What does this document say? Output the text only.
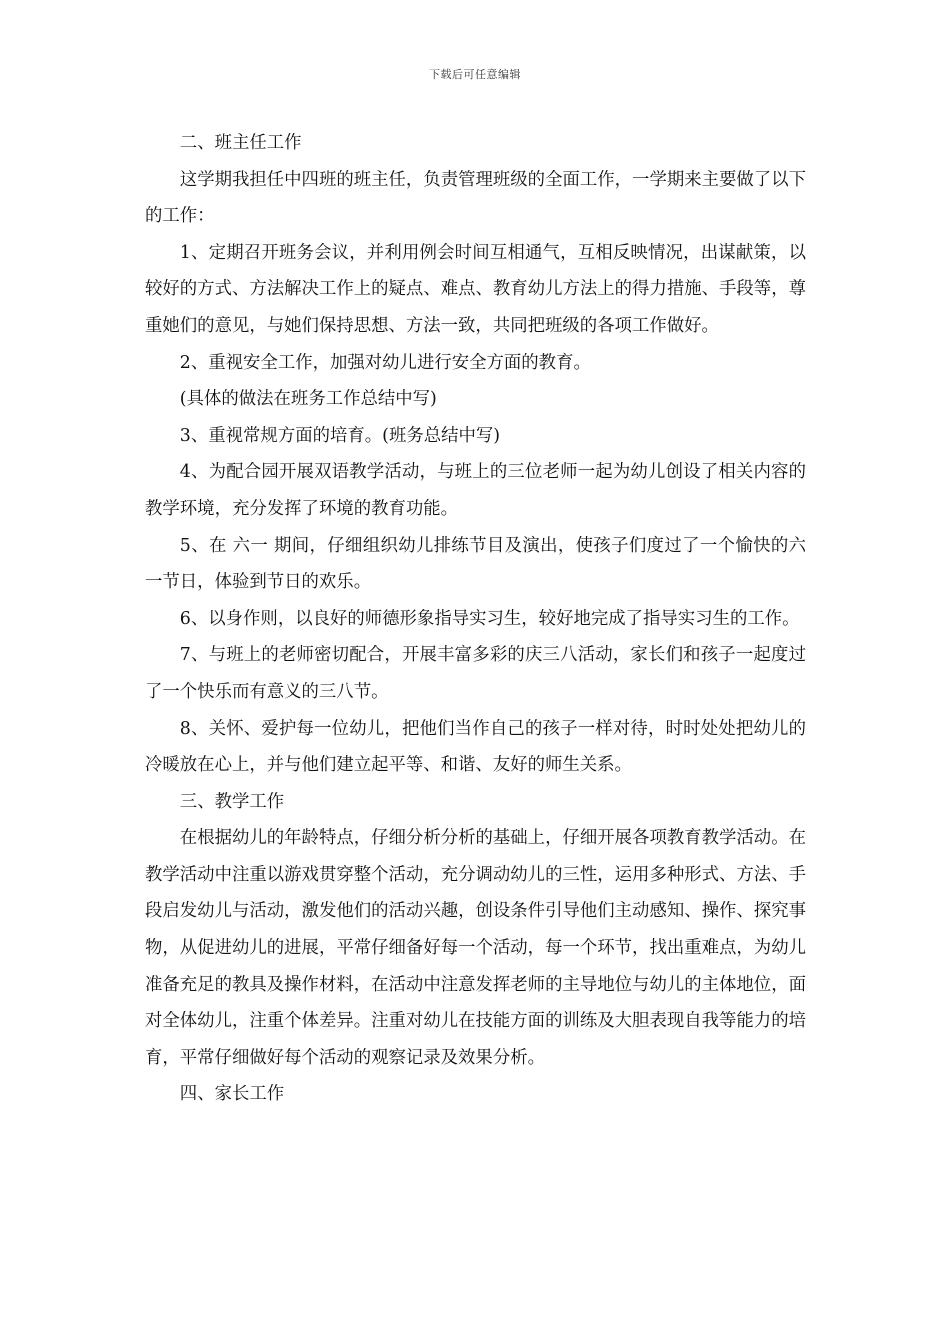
下载后可任意编辑

二、班主任工作

这学期我担任中四班的班主任，负责管理班级的全面工作，一学期来主要做了以下的工作：

1、定期召开班务会议，并利用例会时间互相通气，互相反映情况，出谋献策，以较好的方式、方法解决工作上的疑点、难点、教育幼儿方法上的得力措施、手段等，尊重她们的意见，与她们保持思想、方法一致，共同把班级的各项工作做好。

2、重视安全工作，加强对幼儿进行安全方面的教育。

(具体的做法在班务工作总结中写)

3、重视常规方面的培育。(班务总结中写)

4、为配合园开展双语教学活动，与班上的三位老师一起为幼儿创设了相关内容的教学环境，充分发挥了环境的教育功能。

5、在 六一 期间，仔细组织幼儿排练节目及演出，使孩子们度过了一个愉快的六一节日，体验到节日的欢乐。

6、以身作则，以良好的师德形象指导实习生，较好地完成了指导实习生的工作。

7、与班上的老师密切配合，开展丰富多彩的庆三八活动，家长们和孩子一起度过了一个快乐而有意义的三八节。

8、关怀、爱护每一位幼儿，把他们当作自己的孩子一样对待，时时处处把幼儿的冷暖放在心上，并与他们建立起平等、和谐、友好的师生关系。

三、教学工作

在根据幼儿的年龄特点，仔细分析分析的基础上，仔细开展各项教育教学活动。在教学活动中注重以游戏贯穿整个活动，充分调动幼儿的三性，运用多种形式、方法、手段启发幼儿与活动，激发他们的活动兴趣，创设条件引导他们主动感知、操作、探究事物，从促进幼儿的进展，平常仔细备好每一个活动，每一个环节，找出重难点，为幼儿准备充足的教具及操作材料，在活动中注意发挥老师的主导地位与幼儿的主体地位，面对全体幼儿，注重个体差异。注重对幼儿在技能方面的训练及大胆表现自我等能力的培育，平常仔细做好每个活动的观察记录及效果分析。

四、家长工作
